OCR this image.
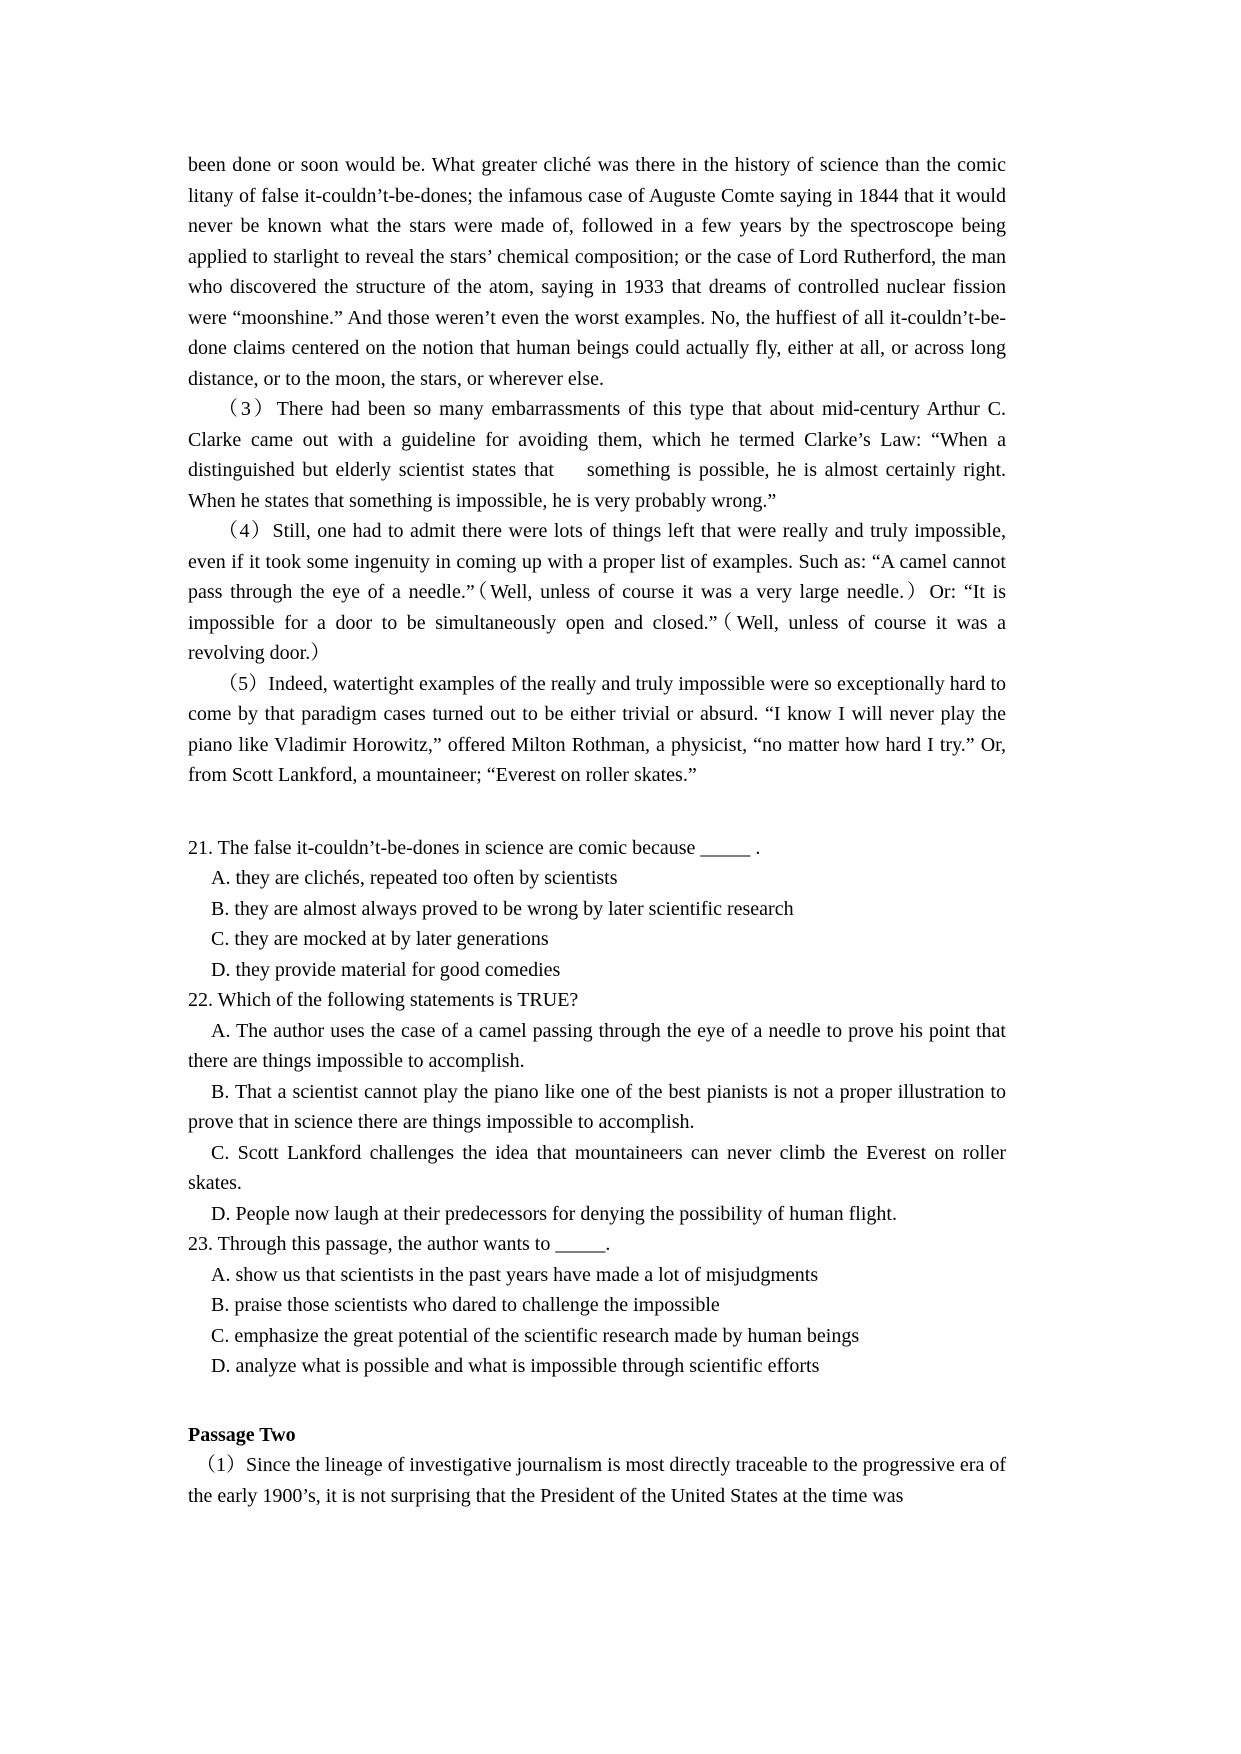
been done or soon would be. What greater cliché was there in the history of science than the comic litany of false it-couldn’t-be-dones; the infamous case of Auguste Comte saying in 1844 that it would never be known what the stars were made of, followed in a few years by the spectroscope being applied to starlight to reveal the stars’ chemical composition; or the case of Lord Rutherford, the man who discovered the structure of the atom, saying in 1933 that dreams of controlled nuclear fission were “moonshine.” And those weren’t even the worst examples. No, the huffiest of all it-couldn’t-be-done claims centered on the notion that human beings could actually fly, either at all, or across long distance, or to the moon, the stars, or wherever else.

（3）There had been so many embarrassments of this type that about mid-century Arthur C. Clarke came out with a guideline for avoiding them, which he termed Clarke’s Law: “When a distinguished but elderly scientist states that　 something is possible, he is almost certainly right. When he states that something is impossible, he is very probably wrong.”

（4）Still, one had to admit there were lots of things left that were really and truly impossible, even if it took some ingenuity in coming up with a proper list of examples. Such as: “A camel cannot pass through the eye of a needle.”（Well, unless of course it was a very large needle.）Or: “It is impossible for a door to be simultaneously open and closed.”（Well, unless of course it was a revolving door.）

（5）Indeed, watertight examples of the really and truly impossible were so exceptionally hard to come by that paradigm cases turned out to be either trivial or absurd. “I know I will never play the piano like Vladimir Horowitz,” offered Milton Rothman, a physicist, “no matter how hard I try.” Or, from Scott Lankford, a mountaineer; “Everest on roller skates.”

21. The false it-couldn’t-be-dones in science are comic because _____ .

A. they are clichés, repeated too often by scientists

B. they are almost always proved to be wrong by later scientific research

C. they are mocked at by later generations

D. they provide material for good comedies

22. Which of the following statements is TRUE?

A. The author uses the case of a camel passing through the eye of a needle to prove his point that there are things impossible to accomplish.

B. That a scientist cannot play the piano like one of the best pianists is not a proper illustration to prove that in science there are things impossible to accomplish.

C. Scott Lankford challenges the idea that mountaineers can never climb the Everest on roller skates.

D. People now laugh at their predecessors for denying the possibility of human flight.

23. Through this passage, the author wants to _____.

A. show us that scientists in the past years have made a lot of misjudgments

B. praise those scientists who dared to challenge the impossible

C. emphasize the great potential of the scientific research made by human beings

D. analyze what is possible and what is impossible through scientific efforts

Passage Two

（1）Since the lineage of investigative journalism is most directly traceable to the progressive era of the early 1900’s, it is not surprising that the President of the United States at the time was
